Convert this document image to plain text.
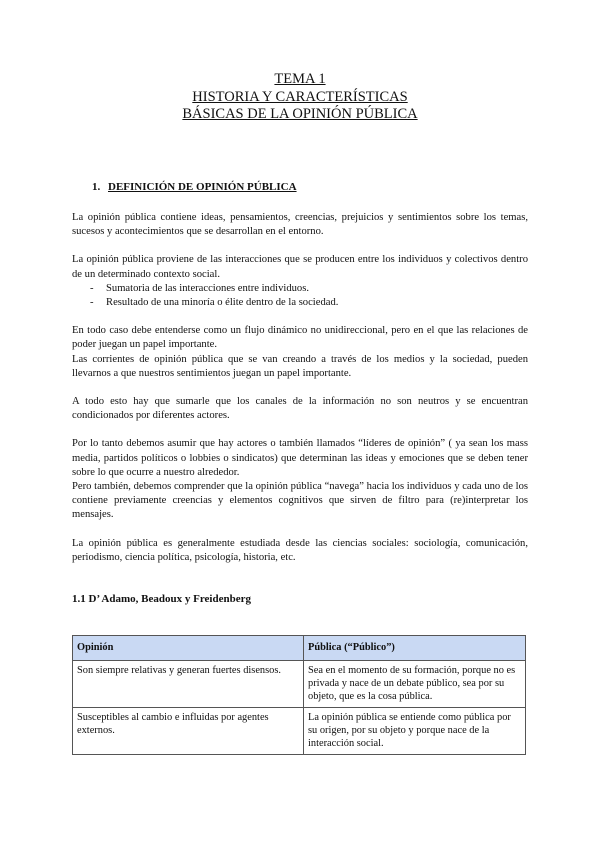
TEMA 1
HISTORIA Y CARACTERÍSTICAS
BÁSICAS DE LA OPINIÓN PÚBLICA
1. DEFINICIÓN DE OPINIÓN PÚBLICA

La opinión pública contiene ideas, pensamientos, creencias, prejuicios y sentimientos sobre los temas, sucesos y acontecimientos que se desarrollan en el entorno.

La opinión pública proviene de las interacciones que se producen entre los individuos y colectivos dentro de un determinado contexto social.

- Sumatoria de las interacciones entre individuos.
- Resultado de una minoría o élite dentro de la sociedad.

En todo caso debe entenderse como un flujo dinámico no unidireccional, pero en el que las relaciones de poder juegan un papel importante.

Las corrientes de opinión pública que se van creando a través de los medios y la sociedad, pueden llevarnos a que nuestros sentimientos juegan un papel importante.

A todo esto hay que sumarle que los canales de la información no son neutros y se encuentran condicionados por diferentes actores.

Por lo tanto debemos asumir que hay actores o también llamados “líderes de opinión” ( ya sean los mass media, partidos políticos o lobbies o sindicatos) que determinan las ideas y emociones que se deben tener sobre lo que ocurre a nuestro alrededor.

Pero también, debemos comprender que la opinión pública “navega” hacia los individuos y cada uno de los contiene previamente creencias y elementos cognitivos que sirven de filtro para (re)interpretar los mensajes.

La opinión pública es generalmente estudiada desde las ciencias sociales: sociología, comunicación, periodismo, ciencia política, psicología, historia, etc.

1.1 D’ Adamo, Beadoux y Freidenberg
Opinión	Pública (“Público”)
Son siempre relativas y generan fuertes disensos.	Sea en el momento de su formación, porque no es privada y nace de un debate público, sea por su objeto, que es la cosa pública.
Susceptibles al cambio e influidas por agentes externos.	La opinión pública se entiende como pública por su origen, por su objeto y porque nace de la interacción social.
